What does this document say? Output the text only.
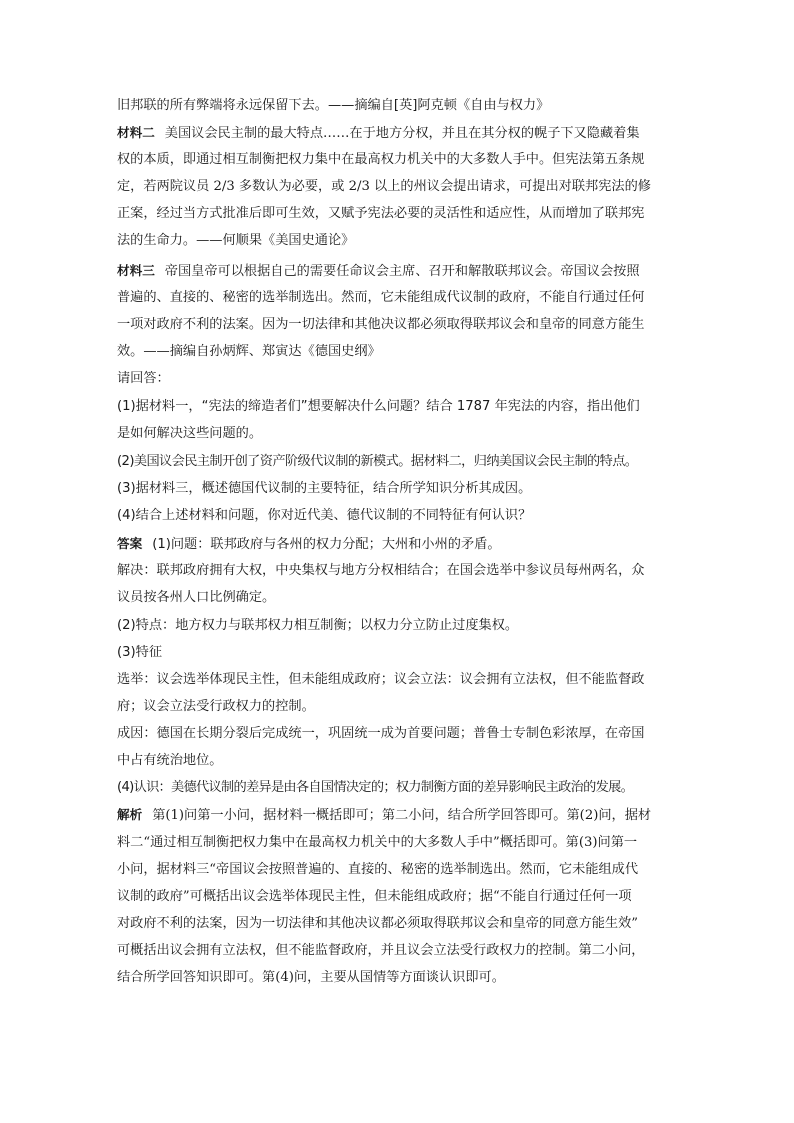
旧邦联的所有弊端将永远保留下去。——摘编自[英]阿克顿《自由与权力》
材料二 美国议会民主制的最大特点……在于地方分权，并且在其分权的幌子下又隐藏着集
权的本质，即通过相互制衡把权力集中在最高权力机关中的大多数人手中。但宪法第五条规
定，若两院议员 2/3 多数认为必要，或 2/3 以上的州议会提出请求，可提出对联邦宪法的修
正案，经过当方式批准后即可生效，又赋予宪法必要的灵活性和适应性，从而增加了联邦宪
法的生命力。——何顺果《美国史通论》
材料三 帝国皇帝可以根据自己的需要任命议会主席、召开和解散联邦议会。帝国议会按照
普遍的、直接的、秘密的选举制选出。然而，它未能组成代议制的政府，不能自行通过任何
一项对政府不利的法案。因为一切法律和其他决议都必须取得联邦议会和皇帝的同意方能生
效。——摘编自孙炳辉、郑寅达《德国史纲》
请回答：
(1)据材料一，“宪法的缔造者们”想要解决什么问题？结合 1787 年宪法的内容，指出他们
是如何解决这些问题的。
(2)美国议会民主制开创了资产阶级代议制的新模式。据材料二，归纳美国议会民主制的特点。
(3)据材料三，概述德国代议制的主要特征，结合所学知识分析其成因。
(4)结合上述材料和问题，你对近代美、德代议制的不同特征有何认识？
答案 (1)问题：联邦政府与各州的权力分配；大州和小州的矛盾。
解决：联邦政府拥有大权，中央集权与地方分权相结合；在国会选举中参议员每州两名，众
议员按各州人口比例确定。
(2)特点：地方权力与联邦权力相互制衡；以权力分立防止过度集权。
(3)特征
选举：议会选举体现民主性，但未能组成政府；议会立法：议会拥有立法权，但不能监督政
府；议会立法受行政权力的控制。
成因：德国在长期分裂后完成统一，巩固统一成为首要问题；普鲁士专制色彩浓厚，在帝国
中占有统治地位。
(4)认识：美德代议制的差异是由各自国情决定的；权力制衡方面的差异影响民主政治的发展。
解析 第(1)问第一小问，据材料一概括即可；第二小问，结合所学回答即可。第(2)问，据材
料二“通过相互制衡把权力集中在最高权力机关中的大多数人手中”概括即可。第(3)问第一
小问，据材料三“帝国议会按照普遍的、直接的、秘密的选举制选出。然而，它未能组成代
议制的政府”可概括出议会选举体现民主性，但未能组成政府；据“不能自行通过任何一项
对政府不利的法案，因为一切法律和其他决议都必须取得联邦议会和皇帝的同意方能生效”
可概括出议会拥有立法权，但不能监督政府，并且议会立法受行政权力的控制。第二小问，
结合所学回答知识即可。第(4)问，主要从国情等方面谈认识即可。
